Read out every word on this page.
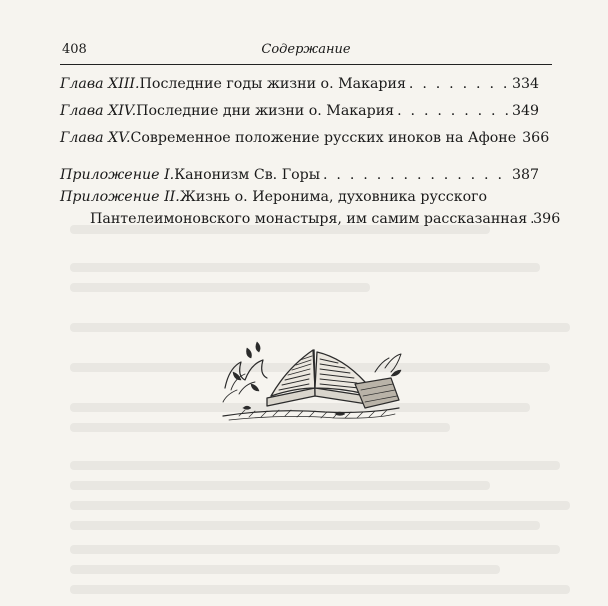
408	Содержание
Глава XIII. Последние годы жизни о. Макария . . .	334
Глава XIV. Последние дни жизни о. Макария . . .	349
Глава XV. Современное положение русских иноков на Афоне 366
Приложение I. Канонизм Св. Горы . . .	387
Приложение II. Жизнь о. Иеронима, духовника русского
Пантелеимоновского монастыря, им самим рассказанная . . . 396
